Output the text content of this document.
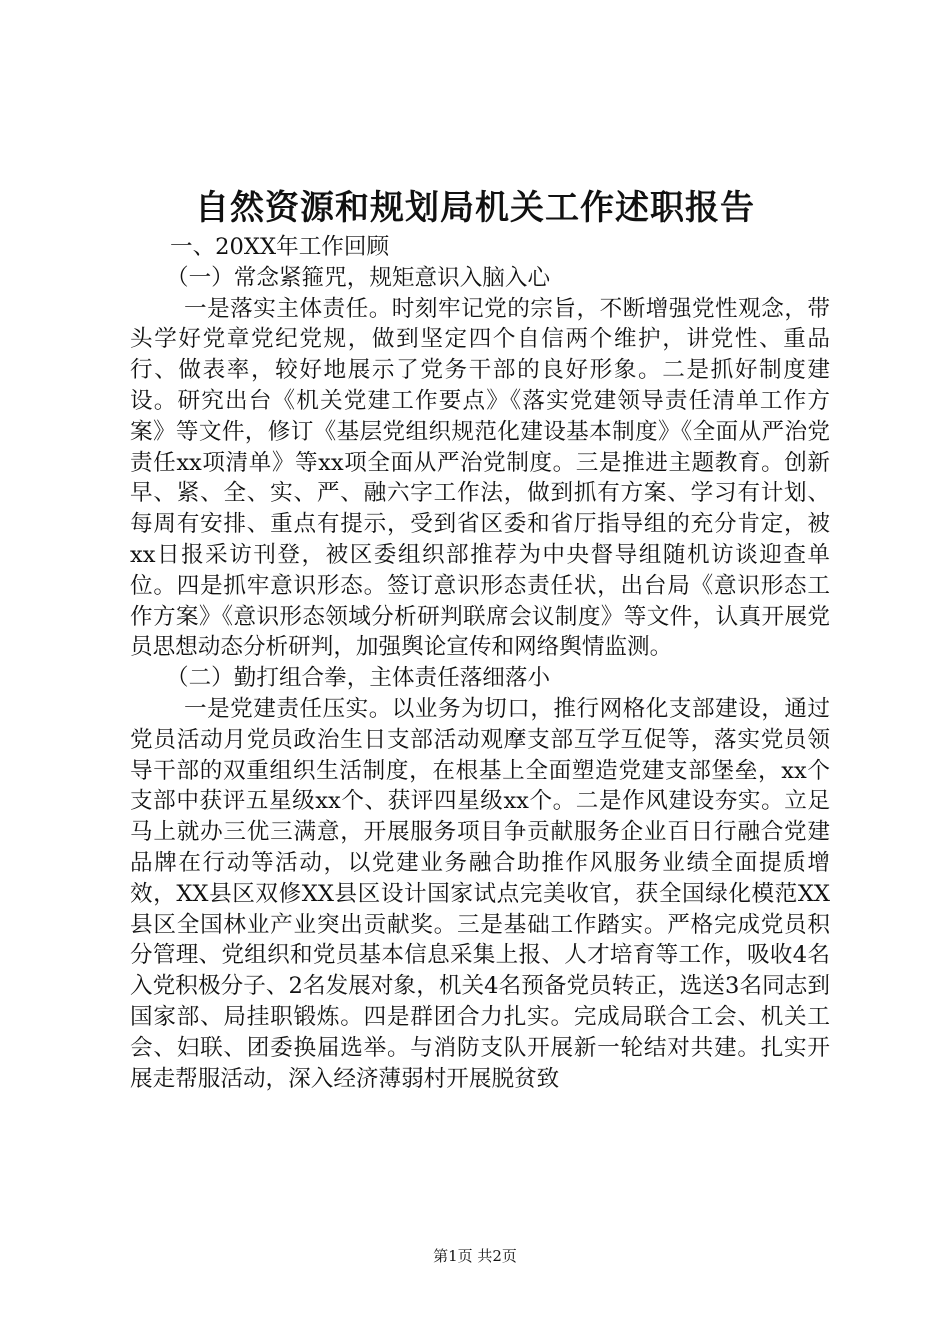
自然资源和规划局机关工作述职报告

一、20XX年工作回顾

（一）常念紧箍咒，规矩意识入脑入心

一是落实主体责任。时刻牢记党的宗旨，不断增强党性观念，带头学好党章党纪党规，做到坚定四个自信两个维护，讲党性、重品行、做表率，较好地展示了党务干部的良好形象。二是抓好制度建设。研究出台《机关党建工作要点》《落实党建领导责任清单工作方案》等文件，修订《基层党组织规范化建设基本制度》《全面从严治党责任xx项清单》等xx项全面从严治党制度。三是推进主题教育。创新早、紧、全、实、严、融六字工作法，做到抓有方案、学习有计划、每周有安排、重点有提示，受到省区委和省厅指导组的充分肯定，被xx日报采访刊登，被区委组织部推荐为中央督导组随机访谈迎查单位。四是抓牢意识形态。签订意识形态责任状，出台局《意识形态工作方案》《意识形态领域分析研判联席会议制度》等文件，认真开展党员思想动态分析研判，加强舆论宣传和网络舆情监测。

（二）勤打组合拳，主体责任落细落小

一是党建责任压实。以业务为切口，推行网格化支部建设，通过党员活动月党员政治生日支部活动观摩支部互学互促等，落实党员领导干部的双重组织生活制度，在根基上全面塑造党建支部堡垒，xx个支部中获评五星级xx个、获评四星级xx个。二是作风建设夯实。立足马上就办三优三满意，开展服务项目争贡献服务企业百日行融合党建品牌在行动等活动，以党建业务融合助推作风服务业绩全面提质增效，XX县区双修XX县区设计国家试点完美收官，获全国绿化模范XX县区全国林业产业突出贡献奖。三是基础工作踏实。严格完成党员积分管理、党组织和党员基本信息采集上报、人才培育等工作，吸收4名入党积极分子、2名发展对象，机关4名预备党员转正，选送3名同志到国家部、局挂职锻炼。四是群团合力扎实。完成局联合工会、机关工会、妇联、团委换届选举。与消防支队开展新一轮结对共建。扎实开展走帮服活动，深入经济薄弱村开展脱贫致

第1页 共2页
